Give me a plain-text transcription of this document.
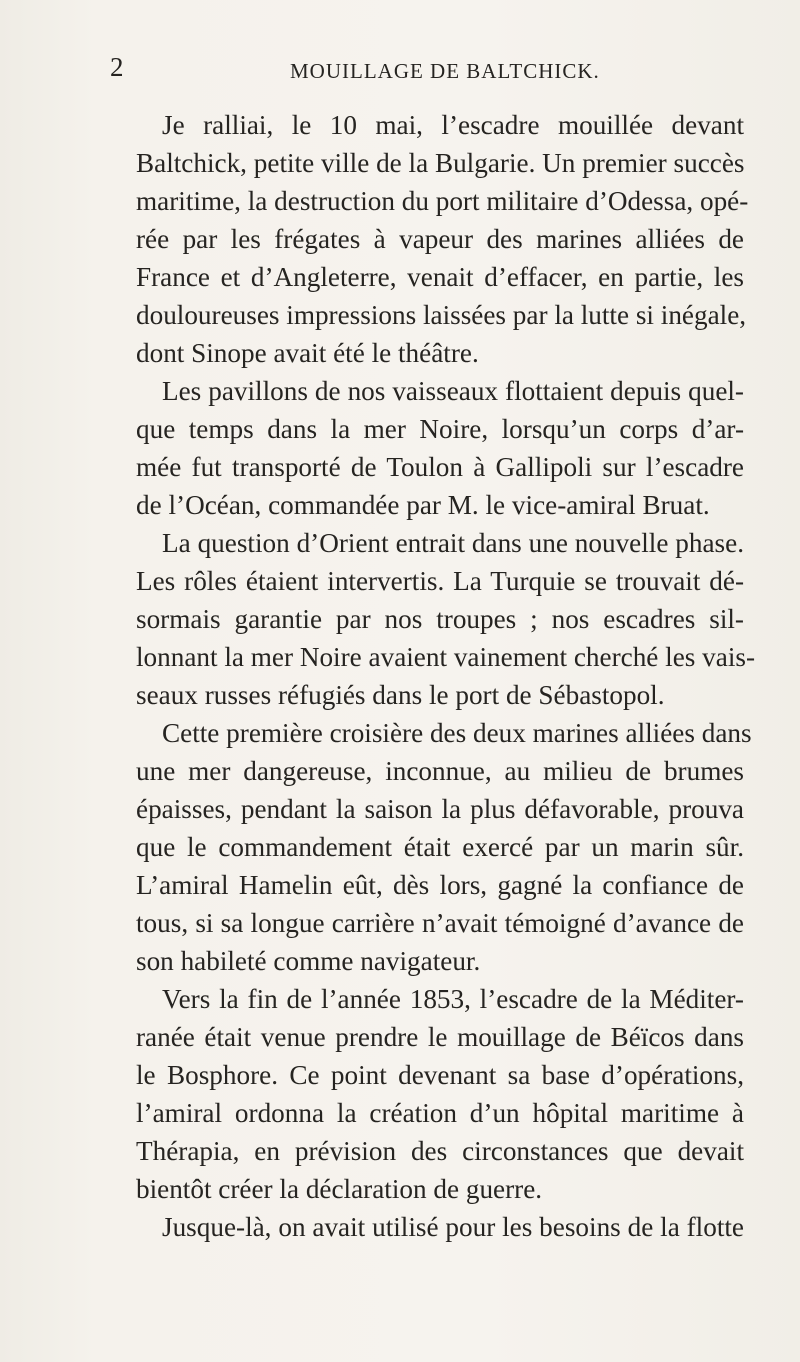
2	MOUILLAGE DE BALTCHICK.
Je ralliai, le 10 mai, l’escadre mouillée devant
Baltchick, petite ville de la Bulgarie. Un premier succès
maritime, la destruction du port militaire d’Odessa, opé-
rée par les frégates à vapeur des marines alliées de
France et d’Angleterre, venait d’effacer, en partie, les
douloureuses impressions laissées par la lutte si inégale,
dont Sinope avait été le théâtre.
Les pavillons de nos vaisseaux flottaient depuis quel-
que temps dans la mer Noire, lorsqu’un corps d’ar-
mée fut transporté de Toulon à Gallipoli sur l’escadre
de l’Océan, commandée par M. le vice-amiral Bruat.
La question d’Orient entrait dans une nouvelle phase.
Les rôles étaient intervertis. La Turquie se trouvait dé-
sormais garantie par nos troupes ; nos escadres sil-
lonnant la mer Noire avaient vainement cherché les vais-
seaux russes réfugiés dans le port de Sébastopol.
Cette première croisière des deux marines alliées dans
une mer dangereuse, inconnue, au milieu de brumes
épaisses, pendant la saison la plus défavorable, prouva
que le commandement était exercé par un marin sûr.
L’amiral Hamelin eût, dès lors, gagné la confiance de
tous, si sa longue carrière n’avait témoigné d’avance de
son habileté comme navigateur.
Vers la fin de l’année 1853, l’escadre de la Méditer-
ranée était venue prendre le mouillage de Béïcos dans
le Bosphore. Ce point devenant sa base d’opérations,
l’amiral ordonna la création d’un hôpital maritime à
Thérapia, en prévision des circonstances que devait
bientôt créer la déclaration de guerre.
Jusque-là, on avait utilisé pour les besoins de la flotte
